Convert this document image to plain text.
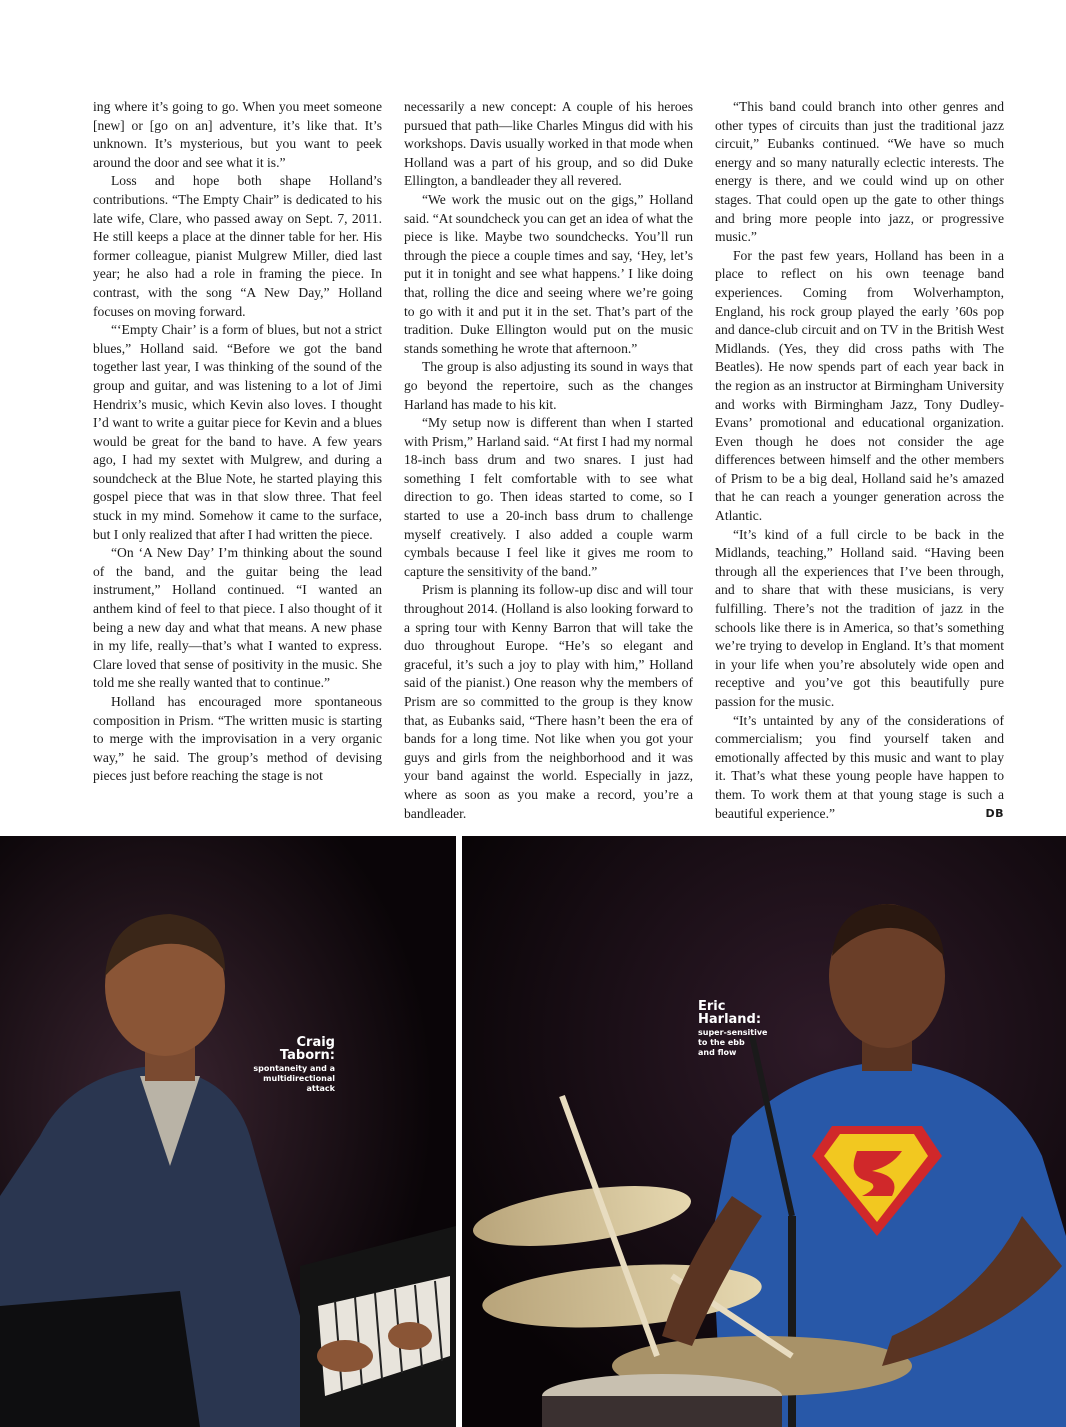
ing where it’s going to go. When you meet someone [new] or [go on an] adventure, it’s like that. It’s unknown. It’s mysterious, but you want to peek around the door and see what it is.”

Loss and hope both shape Holland’s contributions. “The Empty Chair” is dedicated to his late wife, Clare, who passed away on Sept. 7, 2011. He still keeps a place at the dinner table for her. His former colleague, pianist Mulgrew Miller, died last year; he also had a role in framing the piece. In contrast, with the song “A New Day,” Holland focuses on moving forward.

“‘Empty Chair’ is a form of blues, but not a strict blues,” Holland said. “Before we got the band together last year, I was thinking of the sound of the group and guitar, and was listening to a lot of Jimi Hendrix’s music, which Kevin also loves. I thought I’d want to write a guitar piece for Kevin and a blues would be great for the band to have. A few years ago, I had my sextet with Mulgrew, and during a soundcheck at the Blue Note, he started playing this gospel piece that was in that slow three. That feel stuck in my mind. Somehow it came to the surface, but I only realized that after I had written the piece.

“On ‘A New Day’ I’m thinking about the sound of the band, and the guitar being the lead instrument,” Holland continued. “I wanted an anthem kind of feel to that piece. I also thought of it being a new day and what that means. A new phase in my life, really—that’s what I wanted to express. Clare loved that sense of positivity in the music. She told me she really wanted that to continue.”

Holland has encouraged more spontaneous composition in Prism. “The written music is starting to merge with the improvisation in a very organic way,” he said. The group’s method of devising pieces just before reaching the stage is not

necessarily a new concept: A couple of his heroes pursued that path—like Charles Mingus did with his workshops. Davis usually worked in that mode when Holland was a part of his group, and so did Duke Ellington, a bandleader they all revered.

“We work the music out on the gigs,” Holland said. “At soundcheck you can get an idea of what the piece is like. Maybe two soundchecks. You’ll run through the piece a couple times and say, ‘Hey, let’s put it in tonight and see what happens.’ I like doing that, rolling the dice and seeing where we’re going to go with it and put it in the set. That’s part of the tradition. Duke Ellington would put on the music stands something he wrote that afternoon.”

The group is also adjusting its sound in ways that go beyond the repertoire, such as the changes Harland has made to his kit.

“My setup now is different than when I started with Prism,” Harland said. “At first I had my normal 18-inch bass drum and two snares. I just had something I felt comfortable with to see what direction to go. Then ideas started to come, so I started to use a 20-inch bass drum to challenge myself creatively. I also added a couple warm cymbals because I feel like it gives me room to capture the sensitivity of the band.”

Prism is planning its follow-up disc and will tour throughout 2014. (Holland is also looking forward to a spring tour with Kenny Barron that will take the duo throughout Europe. “He’s so elegant and graceful, it’s such a joy to play with him,” Holland said of the pianist.) One reason why the members of Prism are so committed to the group is they know that, as Eubanks said, “There hasn’t been the era of bands for a long time. Not like when you got your guys and girls from the neighborhood and it was your band against the world. Especially in jazz, where as soon as you make a record, you’re a bandleader.

“This band could branch into other genres and other types of circuits than just the traditional jazz circuit,” Eubanks continued. “We have so much energy and so many naturally eclectic interests. The energy is there, and we could wind up on other stages. That could open up the gate to other things and bring more people into jazz, or progressive music.”

For the past few years, Holland has been in a place to reflect on his own teenage band experiences. Coming from Wolverhampton, England, his rock group played the early ’60s pop and dance-club circuit and on TV in the British West Midlands. (Yes, they did cross paths with The Beatles). He now spends part of each year back in the region as an instructor at Birmingham University and works with Birmingham Jazz, Tony Dudley-Evans’ promotional and educational organization. Even though he does not consider the age differences between himself and the other members of Prism to be a big deal, Holland said he’s amazed that he can reach a younger generation across the Atlantic.

“It’s kind of a full circle to be back in the Midlands, teaching,” Holland said. “Having been through all the experiences that I’ve been through, and to share that with these musicians, is very fulfilling. There’s not the tradition of jazz in the schools like there is in America, so that’s something we’re trying to develop in England. It’s that moment in your life when you’re absolutely wide open and receptive and you’ve got this beautifully pure passion for the music.

“It’s untainted by any of the considerations of commercialism; you find yourself taken and emotionally affected by this music and want to play it. That’s what these young people have happen to them. To work them at that young stage is such a beautiful experience.”	DB

Craig
Taborn:
spontaneity and a
multidirectional
attack
Eric
Harland:
super-sensitive
to the ebb
and flow
